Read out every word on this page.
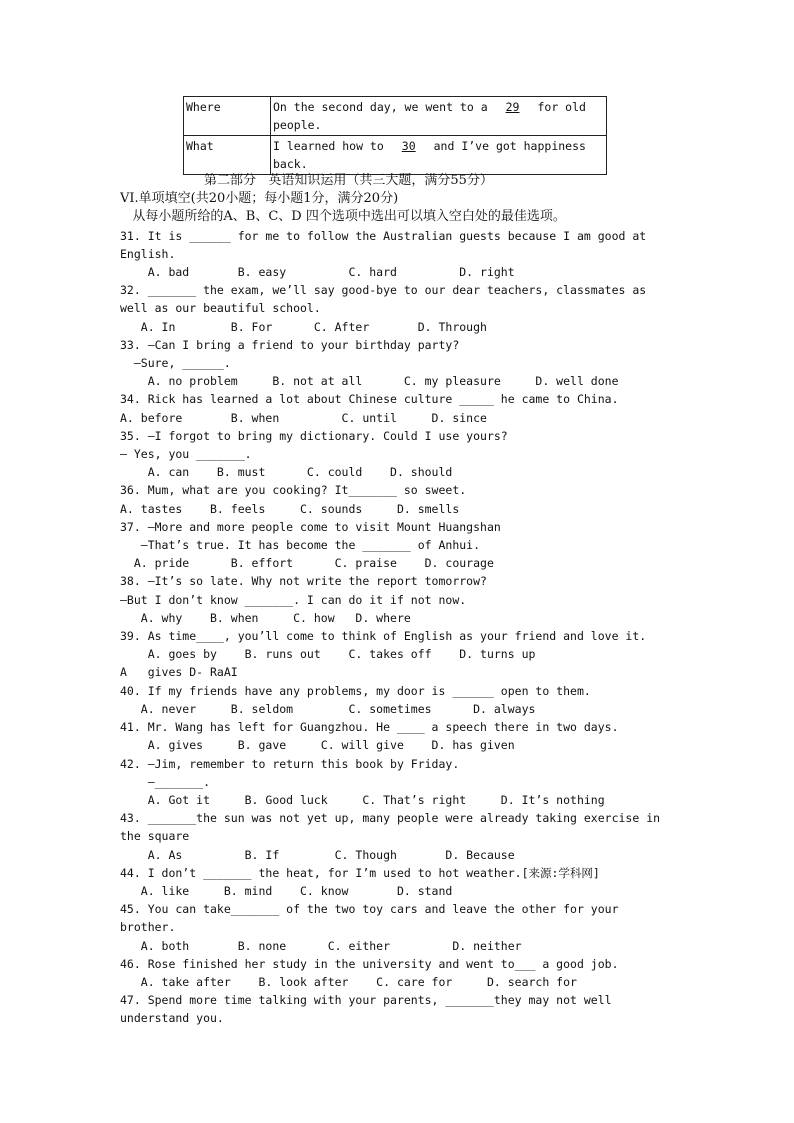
Where	On the second day, we went to a 29 for old people.
What	I learned how to 30 and I’ve got happiness back.
第二部分   英语知识运用（共三大题，满分55分）
VI.单项填空(共20小题；每小题1分，满分20分)
从每小题所给的A、B、C、D 四个选项中选出可以填入空白处的最佳选项。
31. It is ______ for me to follow the Australian guests because I am good at
English.
A. bad       B. easy         C. hard         D. right
32. _______ the exam, we’ll say good-bye to our dear teachers, classmates as
well as our beautiful school.
A. In        B. For      C. After       D. Through
33. —Can I bring a friend to your birthday party?
—Sure, ______.
A. no problem     B. not at all      C. my pleasure     D. well done
34. Rick has learned a lot about Chinese culture _____ he came to China.
A. before       B. when         C. until     D. since
35. —I forgot to bring my dictionary. Could I use yours?
— Yes, you _______.
A. can    B. must      C. could    D. should
36. Mum, what are you cooking? It_______ so sweet.
A. tastes    B. feels     C. sounds     D. smells
37. —More and more people come to visit Mount Huangshan
—That’s true. It has become the _______ of Anhui.
A. pride      B. effort      C. praise    D. courage
38. —It’s so late. Why not write the report tomorrow?
—But I don’t know _______. I can do it if not now.
A. why    B. when     C. how   D. where
39. As time____, you’ll come to think of English as your friend and love it.
A. goes by    B. runs out    C. takes off    D. turns up
A   gives D- RaAI
40. If my friends have any problems, my door is ______ open to them.
A. never     B. seldom        C. sometimes      D. always
41. Mr. Wang has left for Guangzhou. He ____ a speech there in two days.
A. gives     B. gave     C. will give    D. has given
42. —Jim, remember to return this book by Friday.
—_______.
A. Got it     B. Good luck     C. That’s right     D. It’s nothing
43. _______the sun was not yet up, many people were already taking exercise in
the square
A. As         B. If        C. Though       D. Because
44. I don’t _______ the heat, for I’m used to hot weather.[来源:学科网]
A. like     B. mind    C. know       D. stand
45. You can take_______ of the two toy cars and leave the other for your
brother.
A. both       B. none      C. either         D. neither
46. Rose finished her study in the university and went to___ a good job.
A. take after    B. look after    C. care for     D. search for
47. Spend more time talking with your parents, _______they may not well
understand you.
